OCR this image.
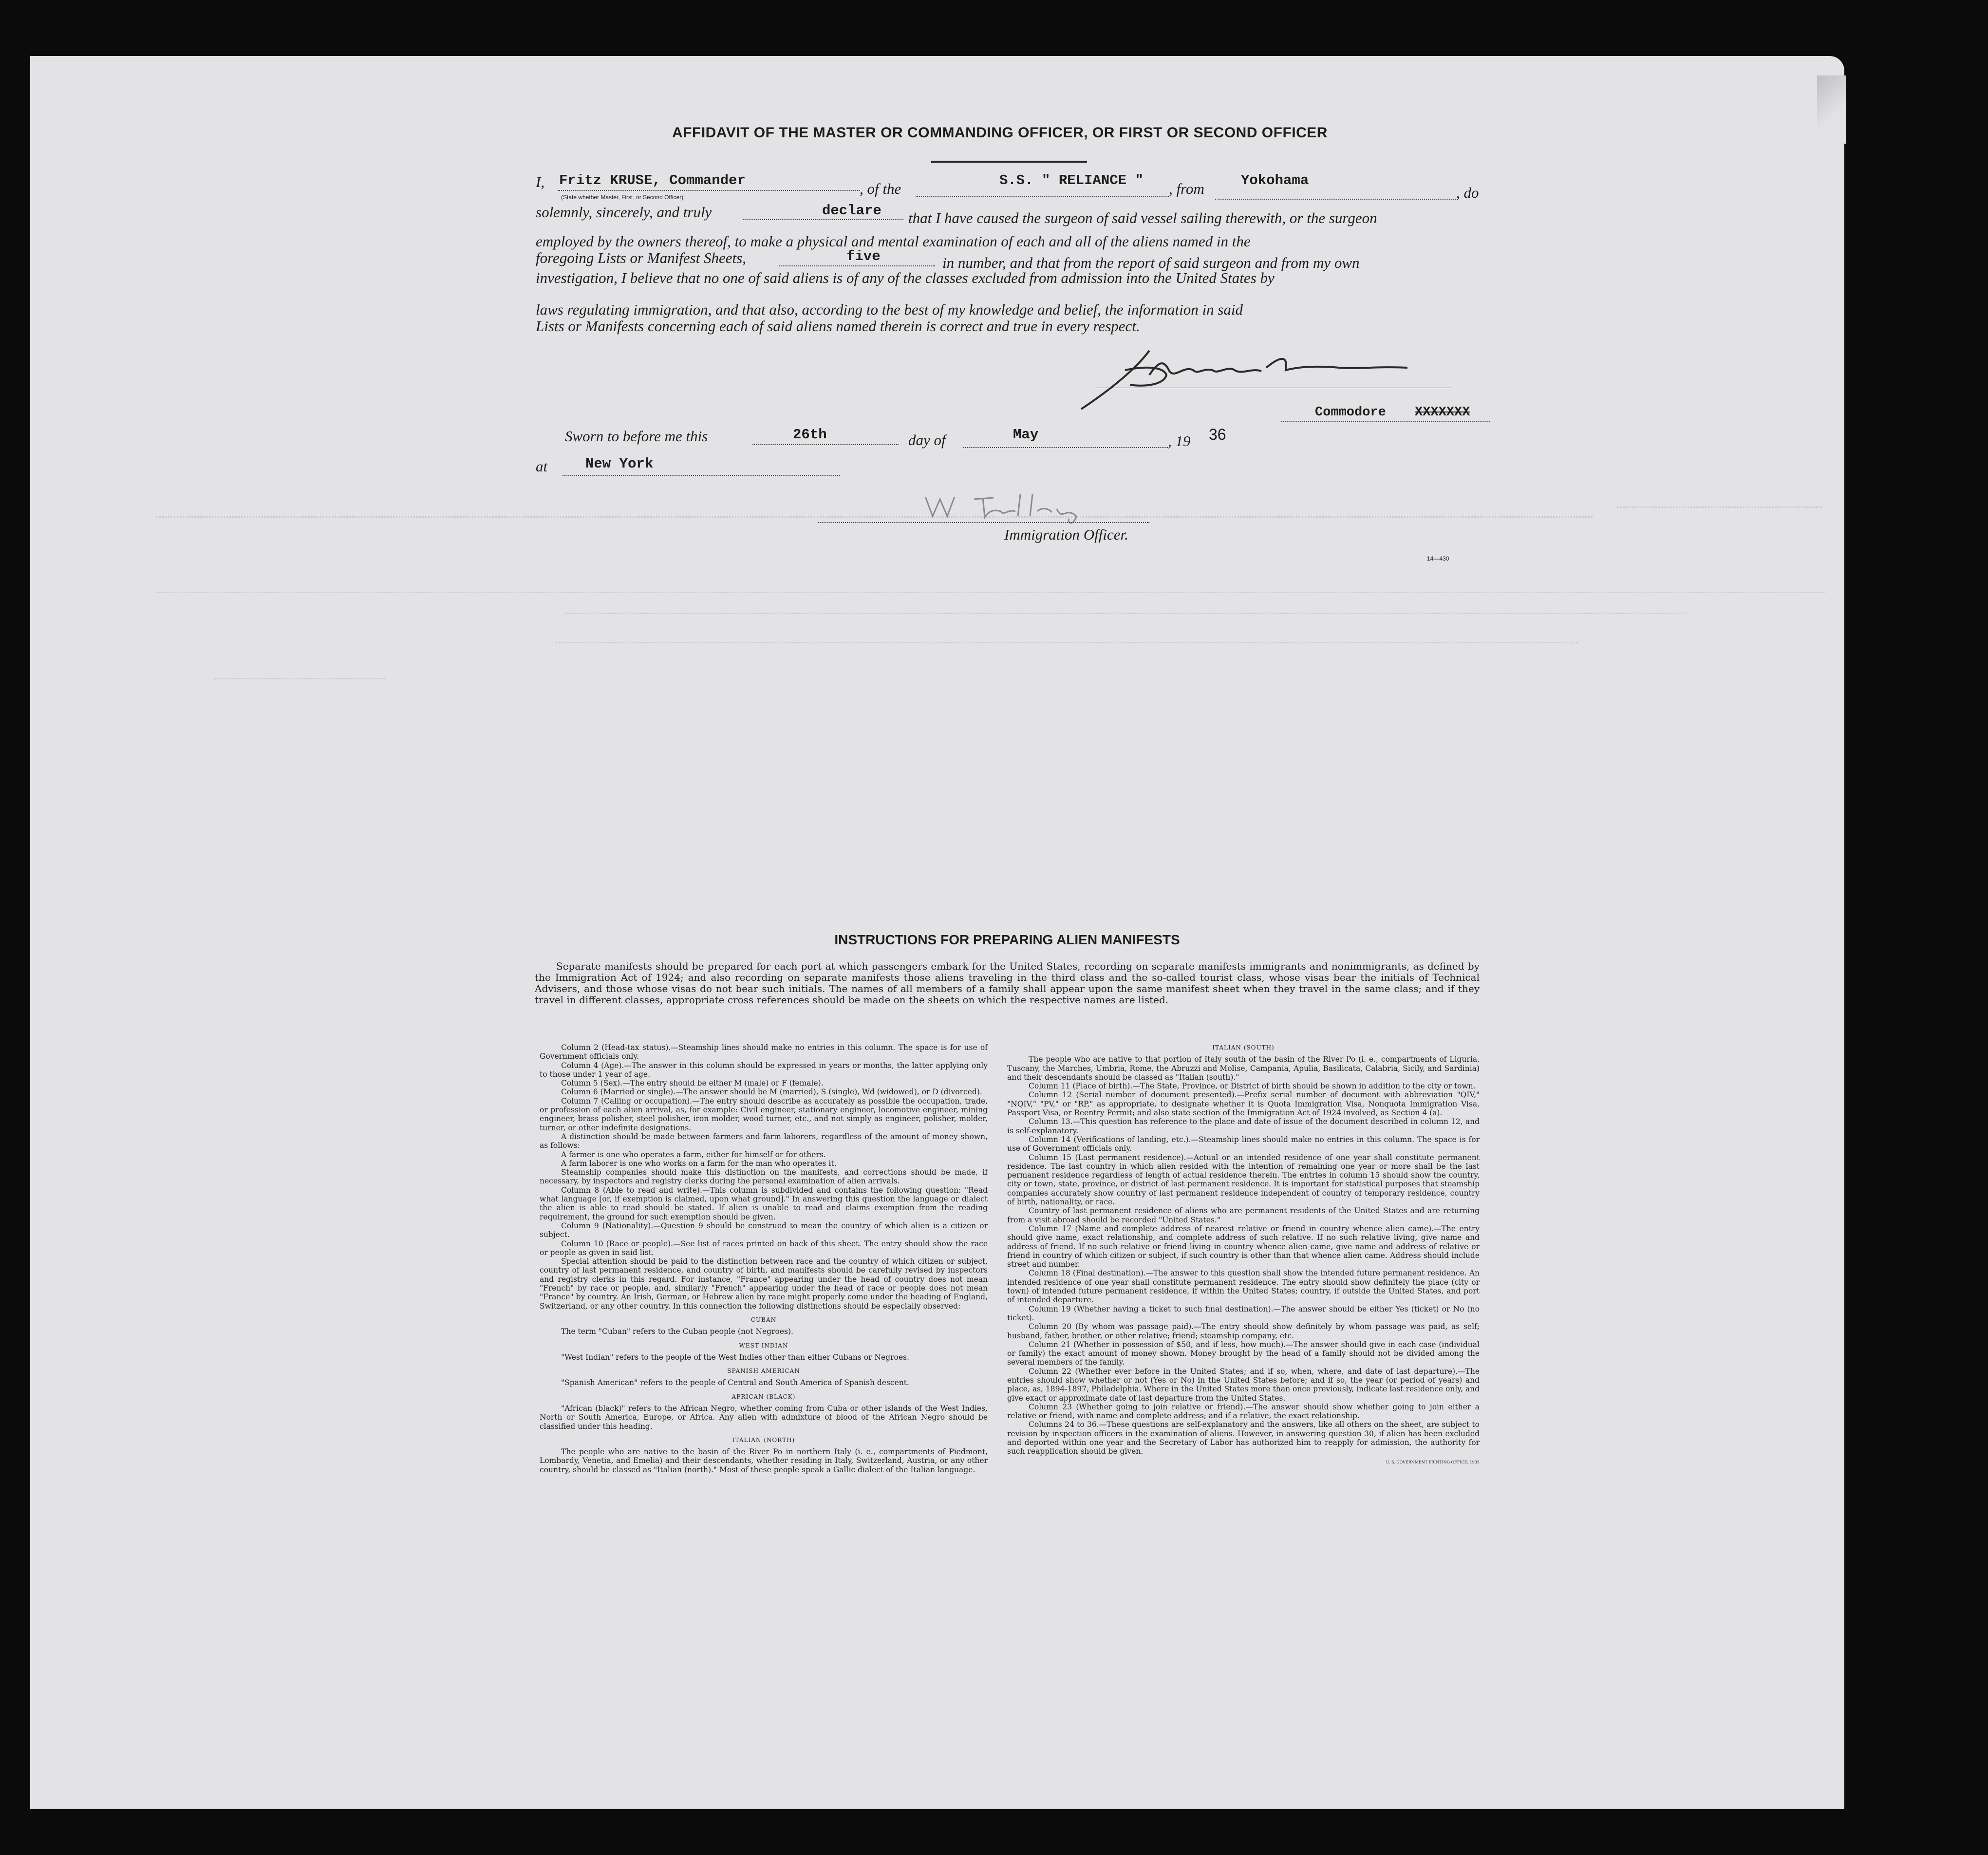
AFFIDAVIT OF THE MASTER OR COMMANDING OFFICER, OR FIRST OR SECOND OFFICER
I, Fritz KRUSE, Commander
(State whether Master, First, or Second Officer)	, of the	S.S. " RELIANCE " , from	Yokohama
, do
solemnly, sincerely, and truly	declare that I have caused the surgeon of said vessel sailing therewith, or the surgeon
employed by the owners thereof, to make a physical and mental examination of each and all of the aliens named in the
foregoing Lists or Manifest Sheets,	five	in number, and that from the report of said surgeon and from my own
investigation, I believe that no one of said aliens is of any of the classes excluded from admission into the United States by
laws regulating immigration, and that also, according to the best of my knowledge and belief, the information in said
Lists or Manifests concerning each of said aliens named therein is correct and true in every respect.
Commodore XXXXXXX
Sworn to before me this	26th	day of	May	, 19 36
at	New York
Immigration Officer.
14—430
INSTRUCTIONS FOR PREPARING ALIEN MANIFESTS
Separate manifests should be prepared for each port at which passengers embark for the United States, recording on separate manifests immigrants and nonimmigrants, as defined by the Immigration Act of 1924; and also recording on separate manifests those aliens traveling in the third class and the so-called tourist class, whose visas bear the initials of Technical Advisers, and those whose visas do not bear such initials. The names of all members of a family shall appear upon the same manifest sheet when they travel in the same class; and if they travel in different classes, appropriate cross references should be made on the sheets on which the respective names are listed.

Column 2 (Head-tax status).—Steamship lines should make no entries in this column. The space is for use of Government officials only.

Column 4 (Age).—The answer in this column should be expressed in years or months, the latter applying only to those under 1 year of age.

Column 5 (Sex).—The entry should be either M (male) or F (female).

Column 6 (Married or single).—The answer should be M (married), S (single), Wd (widowed), or D (divorced).

Column 7 (Calling or occupation).—The entry should describe as accurately as possible the occupation, trade, or profession of each alien arrival, as, for example: Civil engineer, stationary engineer, locomotive engineer, mining engineer, brass polisher, steel polisher, iron molder, wood turner, etc., and not simply as engineer, polisher, molder, turner, or other indefinite designations.

A distinction should be made between farmers and farm laborers, regardless of the amount of money shown, as follows:

A farmer is one who operates a farm, either for himself or for others.

A farm laborer is one who works on a farm for the man who operates it.

Steamship companies should make this distinction on the manifests, and corrections should be made, if necessary, by inspectors and registry clerks during the personal examination of alien arrivals.

Column 8 (Able to read and write).—This column is subdivided and contains the following question: "Read what language [or, if exemption is claimed, upon what ground]." In answering this question the language or dialect the alien is able to read should be stated. If alien is unable to read and claims exemption from the reading requirement, the ground for such exemption should be given.

Column 9 (Nationality).—Question 9 should be construed to mean the country of which alien is a citizen or subject.

Column 10 (Race or people).—See list of races printed on back of this sheet. The entry should show the race or people as given in said list.

Special attention should be paid to the distinction between race and the country of which citizen or subject, country of last permanent residence, and country of birth, and manifests should be carefully revised by inspectors and registry clerks in this regard. For instance, "France" appearing under the head of country does not mean "French" by race or people, and, similarly "French" appearing under the head of race or people does not mean "France" by country. An Irish, German, or Hebrew alien by race might properly come under the heading of England, Switzerland, or any other country. In this connection the following distinctions should be especially observed:

CUBAN

The term "Cuban" refers to the Cuban people (not Negroes).

WEST INDIAN

"West Indian" refers to the people of the West Indies other than either Cubans or Negroes.

SPANISH AMERICAN

"Spanish American" refers to the people of Central and South America of Spanish descent.

AFRICAN (BLACK)

"African (black)" refers to the African Negro, whether coming from Cuba or other islands of the West Indies, North or South America, Europe, or Africa. Any alien with admixture of blood of the African Negro should be classified under this heading.

ITALIAN (NORTH)

The people who are native to the basin of the River Po in northern Italy (i. e., compartments of Piedmont, Lombardy, Venetia, and Emelia) and their descendants, whether residing in Italy, Switzerland, Austria, or any other country, should be classed as "Italian (north)." Most of these people speak a Gallic dialect of the Italian language.

ITALIAN (SOUTH)

The people who are native to that portion of Italy south of the basin of the River Po (i. e., compartments of Liguria, Tuscany, the Marches, Umbria, Rome, the Abruzzi and Molise, Campania, Apulia, Basilicata, Calabria, Sicily, and Sardinia) and their descendants should be classed as "Italian (south)."

Column 11 (Place of birth).—The State, Province, or District of birth should be shown in addition to the city or town.

Column 12 (Serial number of document presented).—Prefix serial number of document with abbreviation "QIV," "NQIV," "PV," or "RP," as appropriate, to designate whether it is Quota Immigration Visa, Nonquota Immigration Visa, Passport Visa, or Reentry Permit; and also state section of the Immigration Act of 1924 involved, as Section 4 (a).

Column 13.—This question has reference to the place and date of issue of the document described in column 12, and is self-explanatory.

Column 14 (Verifications of landing, etc.).—Steamship lines should make no entries in this column. The space is for use of Government officials only.

Column 15 (Last permanent residence).—Actual or an intended residence of one year shall constitute permanent residence. The last country in which alien resided with the intention of remaining one year or more shall be the last permanent residence regardless of length of actual residence therein. The entries in column 15 should show the country, city or town, state, province, or district of last permanent residence. It is important for statistical purposes that steamship companies accurately show country of last permanent residence independent of country of temporary residence, country of birth, nationality, or race.

Country of last permanent residence of aliens who are permanent residents of the United States and are returning from a visit abroad should be recorded "United States."

Column 17 (Name and complete address of nearest relative or friend in country whence alien came).—The entry should give name, exact relationship, and complete address of such relative. If no such relative living, give name and address of friend. If no such relative or friend living in country whence alien came, give name and address of relative or friend in country of which citizen or subject, if such country is other than that whence alien came. Address should include street and number.

Column 18 (Final destination).—The answer to this question shall show the intended future permanent residence. An intended residence of one year shall constitute permanent residence. The entry should show definitely the place (city or town) of intended future permanent residence, if within the United States; country, if outside the United States, and port of intended departure.

Column 19 (Whether having a ticket to such final destination).—The answer should be either Yes (ticket) or No (no ticket).

Column 20 (By whom was passage paid).—The entry should show definitely by whom passage was paid, as self; husband, father, brother, or other relative; friend; steamship company, etc.

Column 21 (Whether in possession of $50, and if less, how much).—The answer should give in each case (individual or family) the exact amount of money shown. Money brought by the head of a family should not be divided among the several members of the family.

Column 22 (Whether ever before in the United States; and if so, when, where, and date of last departure).—The entries should show whether or not (Yes or No) in the United States before; and if so, the year (or period of years) and place, as, 1894-1897, Philadelphia. Where in the United States more than once previously, indicate last residence only, and give exact or approximate date of last departure from the United States.

Column 23 (Whether going to join relative or friend).—The answer should show whether going to join either a relative or friend, with name and complete address; and if a relative, the exact relationship.

Columns 24 to 36.—These questions are self-explanatory and the answers, like all others on the sheet, are subject to revision by inspection officers in the examination of aliens. However, in answering question 30, if alien has been excluded and deported within one year and the Secretary of Labor has authorized him to reapply for admission, the authority for such reapplication should be given.

U. S. GOVERNMENT PRINTING OFFICE: 1935
